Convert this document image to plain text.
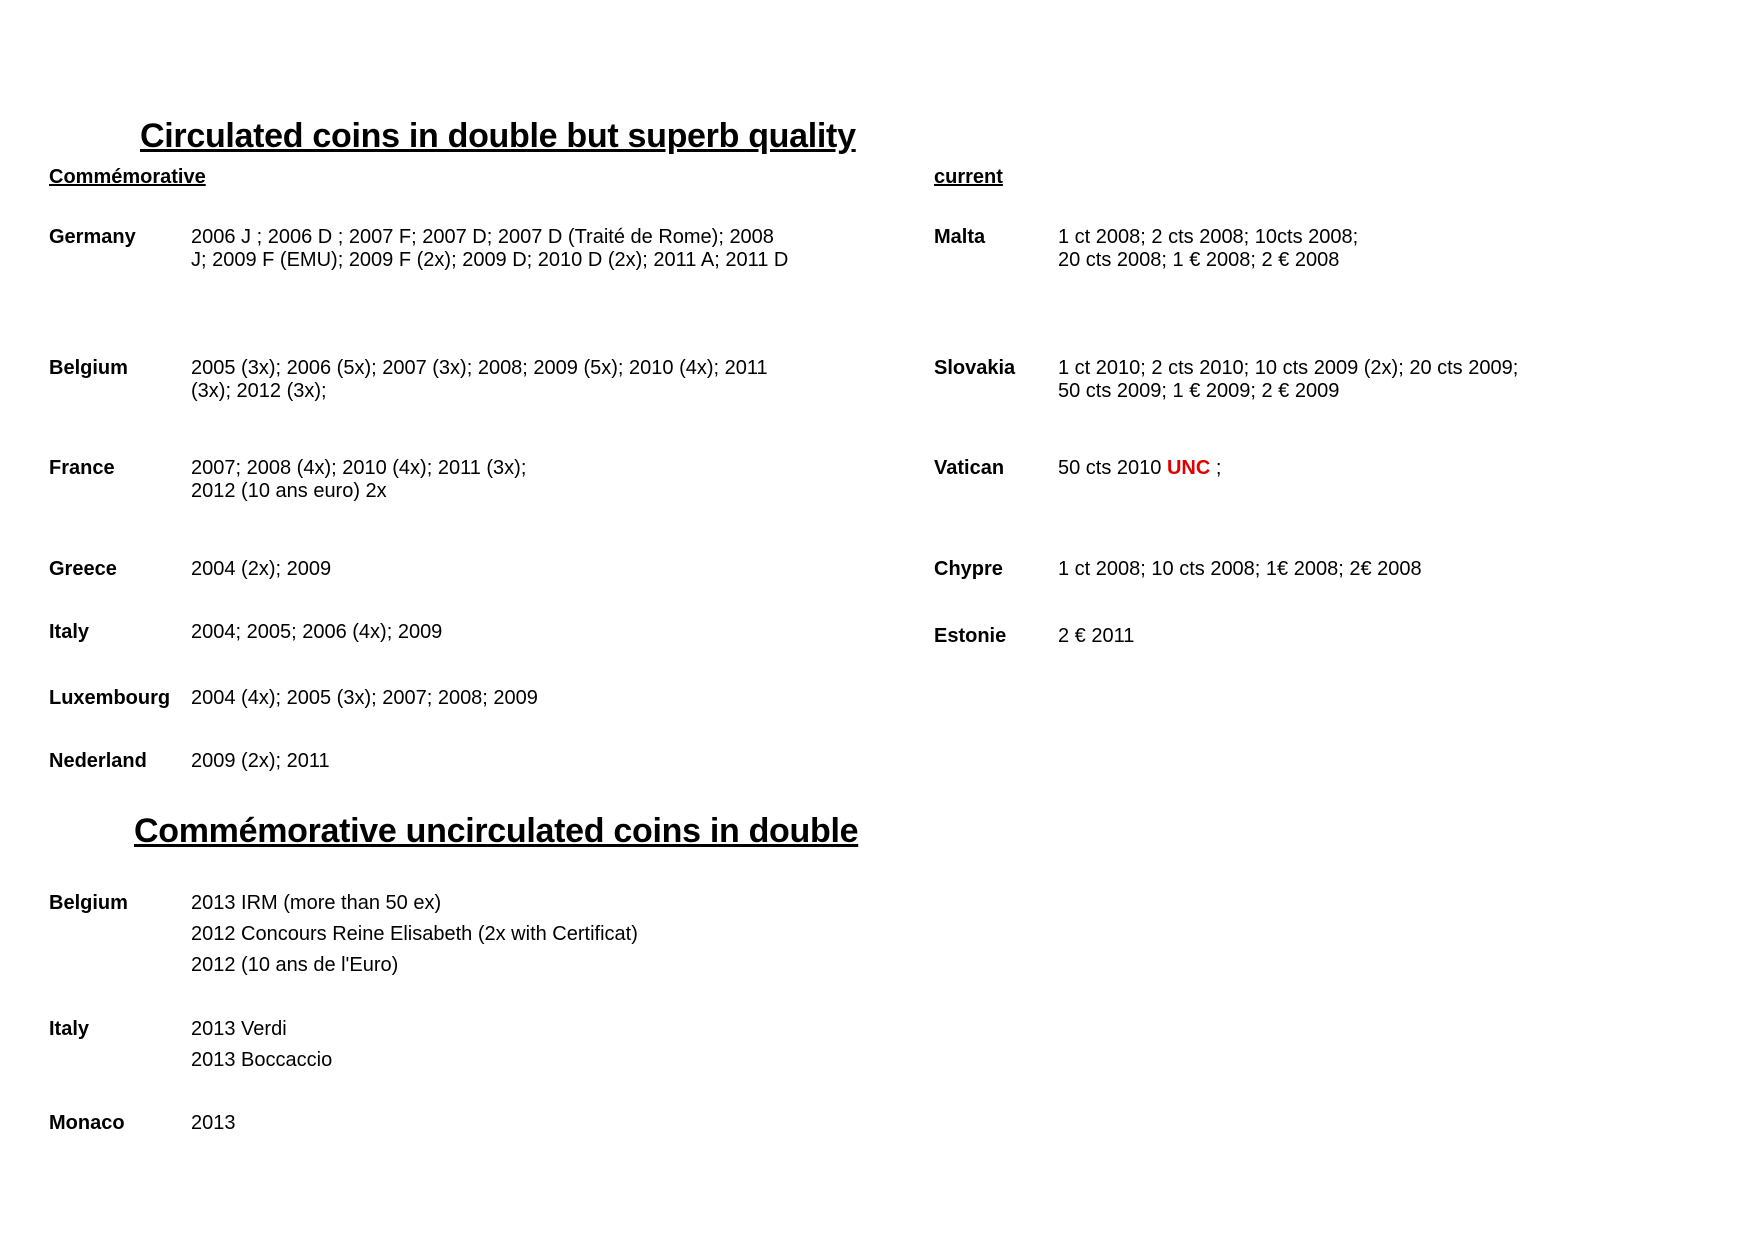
Circulated coins in double but superb quality
Commémorative	current
Germany	2006 J ; 2006 D ; 2007 F; 2007 D; 2007 D (Traité de Rome); 2008
J; 2009 F (EMU); 2009 F (2x); 2009 D; 2010 D (2x); 2011 A; 2011 D
Belgium	2005 (3x); 2006 (5x); 2007 (3x); 2008; 2009 (5x); 2010 (4x); 2011
(3x); 2012 (3x);
France	2007; 2008 (4x); 2010 (4x); 2011 (3x);
2012 (10 ans euro) 2x
Greece	2004 (2x); 2009
Italy	2004; 2005; 2006 (4x); 2009
Luxembourg 2004 (4x); 2005 (3x); 2007; 2008; 2009
Nederland 2009 (2x); 2011
Malta	1 ct 2008; 2 cts 2008; 10cts 2008;
20 cts 2008; 1 € 2008; 2 € 2008
Slovakia 1 ct 2010; 2 cts 2010; 10 cts 2009 (2x); 20 cts 2009;
50 cts 2009; 1 € 2009; 2 € 2009
Vatican	50 cts 2010 UNC ;
Chypre	1 ct 2008; 10 cts 2008; 1€ 2008; 2€ 2008
Estonie	2 € 2011
Commémorative uncirculated coins in double
Belgium	2013 IRM (more than 50 ex)
2012 Concours Reine Elisabeth (2x with Certificat)
2012 (10 ans de l'Euro)
Italy	2013 Verdi
2013 Boccaccio
Monaco	2013
